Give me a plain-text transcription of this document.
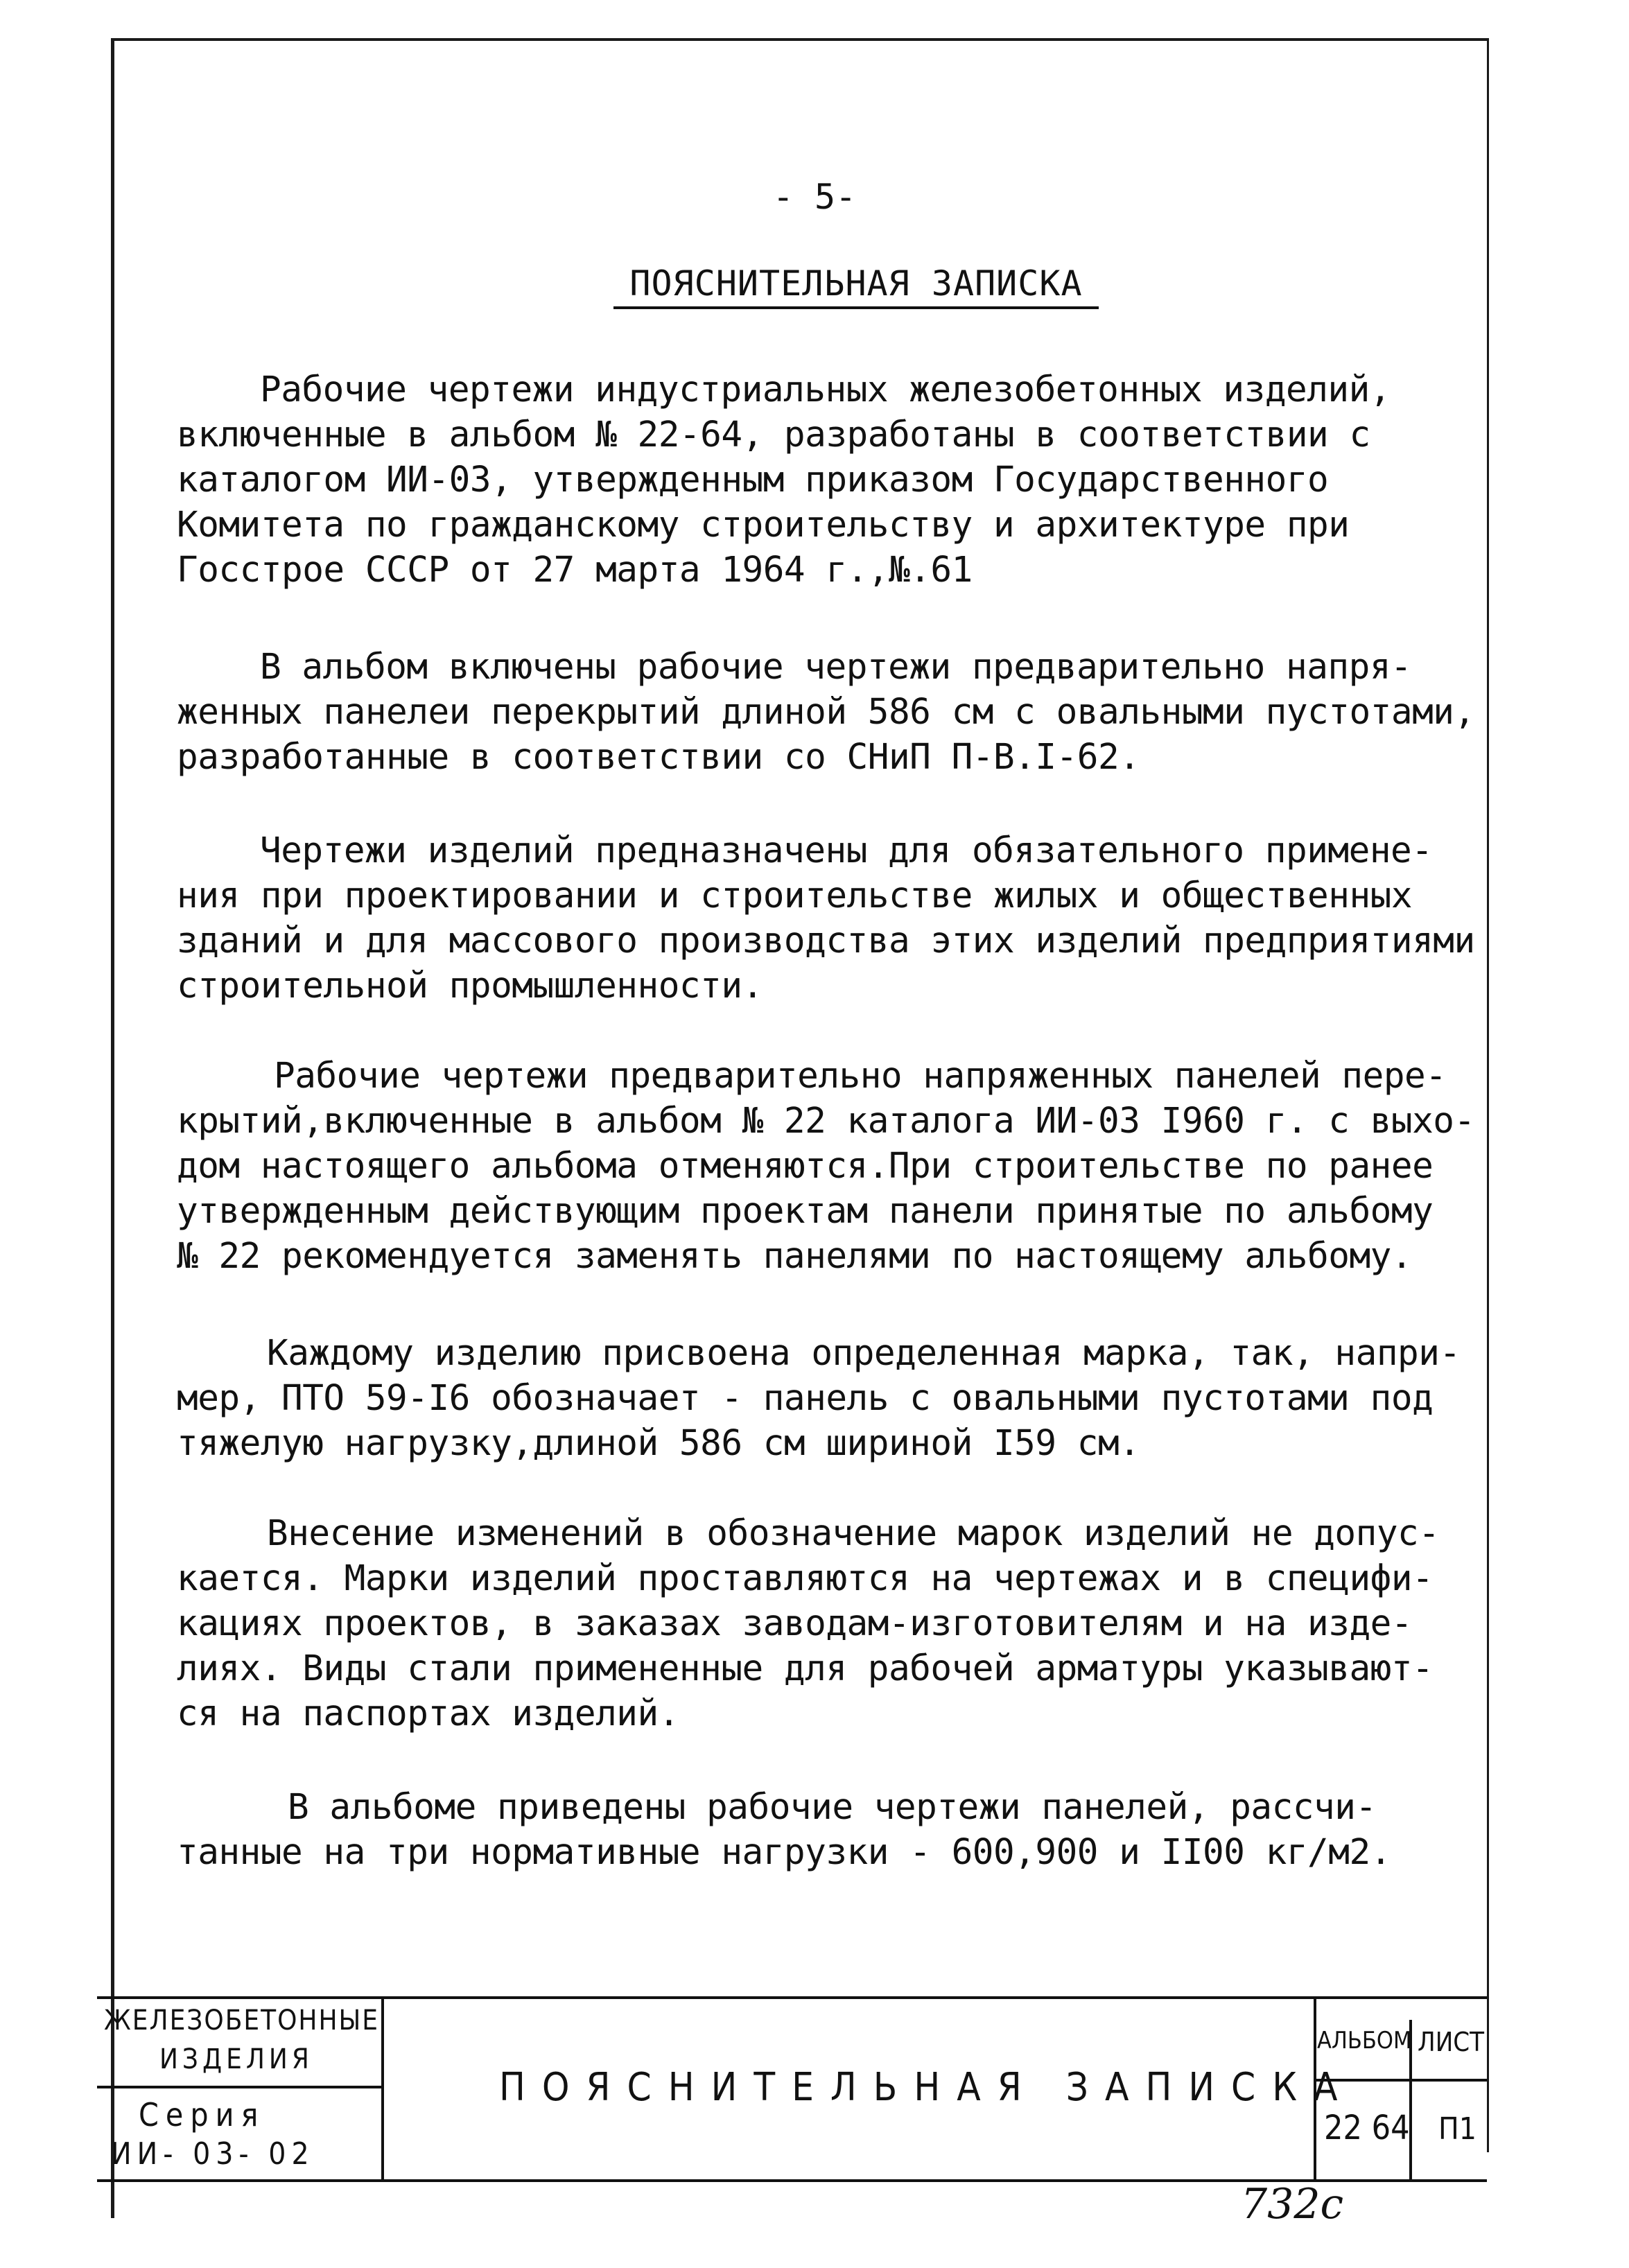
- 5-
ПОЯСНИТЕЛЬНАЯ ЗАПИСКА
Рабочие чертежи индустриальных железобетонных изделий,
включенные в альбом № 22-64, разработаны в соответствии с
каталогом ИИ-03, утвержденным приказом Государственного
Комитета по гражданскому строительству и архитектуре при
Госстрое СССР от 27 марта 1964 г.,№.61
В альбом включены рабочие чертежи предварительно напря-
женных панелеи перекрытий длиной 586 см с овальными пустотами,
разработанные в соответствии со СНиП П-В.I-62.
Чертежи изделий предназначены для обязательного примене-
ния при проектировании и строительстве жилых и общественных
зданий и для массового производства этих изделий предприятиями
строительной промышленности.
Рабочие чертежи предварительно напряженных панелей пере-
крытий,включенные в альбом № 22 каталога ИИ-03 I960 г. с выхо-
дом настоящего альбома отменяются.При строительстве по ранее
утвержденным действующим проектам панели принятые по альбому
№ 22 рекомендуется заменять панелями по настоящему альбому.
Каждому изделию присвоена определенная марка, так, напри-
мер, ПТО 59-I6 обозначает - панель с овальными пустотами под
тяжелую нагрузку,длиной 586 см шириной I59 см.
Внесение изменений в обозначение марок изделий не допус-
кается. Марки изделий проставляются на чертежах и в специфи-
кациях проектов, в заказах заводам-изготовителям и на изде-
лиях. Виды стали примененные для рабочей арматуры указывают-
ся на паспортах изделий.
В альбоме приведены рабочие чертежи панелей, рассчи-
танные на три нормативные нагрузки - 600,900 и II00 кг/м2.
ЖЕЛЕЗОБЕТОННЫЕ
ИЗДЕЛИЯ
Серия
ИИ- 03- 02
ПОЯСНИТЕЛЬНАЯ ЗАПИСКА
АЛЬБОМ ЛИСТ
22 64 П1
732с
